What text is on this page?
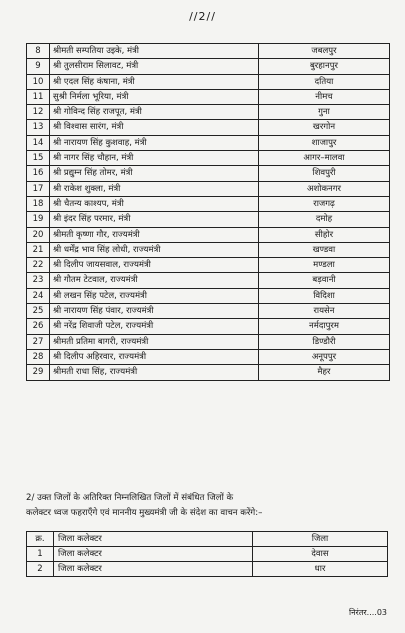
//2//
8	श्रीमती सम्पतिया उइके, मंत्री	जबलपुर
9	श्री तुलसीराम सिलावट, मंत्री	बुरहानपुर
10	श्री एदल सिंह कंषाना, मंत्री	दतिया
11	सुश्री निर्मला भूरिया, मंत्री	नीमच
12	श्री गोविन्द सिंह राजपूत, मंत्री	गुना
13	श्री विश्वास सारंग, मंत्री	खरगोन
14	श्री नारायण सिंह कुशवाह, मंत्री	शाजापुर
15	श्री नागर सिंह चौहान, मंत्री	आगर–मालवा
16	श्री प्रद्युम्न सिंह तोमर, मंत्री	शिवपुरी
17	श्री राकेश शुक्ला, मंत्री	अशोकनगर
18	श्री चैतन्य काश्यप, मंत्री	राजगढ़
19	श्री इंदर सिंह परमार, मंत्री	दमोह
20	श्रीमती कृष्णा गौर, राज्यमंत्री	सीहोर
21	श्री धर्मेंद्र भाव सिंह लोधी, राज्यमंत्री	खण्डवा
22	श्री दिलीप जायसवाल, राज्यमंत्री	मण्डला
23	श्री गौतम टेटवाल, राज्यमंत्री	बड़वानी
24	श्री लखन सिंह पटेल, राज्यमंत्री	विदिशा
25	श्री नारायण सिंह पंवार, राज्यमंत्री	रायसेन
26	श्री नरेंद्र शिवाजी पटेल, राज्यमंत्री	नर्मदापुरम
27	श्रीमती प्रतिमा बागरी, राज्यमंत्री	डिण्डौरी
28	श्री दिलीप अहिरवार, राज्यमंत्री	अनूपपुर
29	श्रीमती राधा सिंह, राज्यमंत्री	मैहर
2/ उक्त जिलों के अतिरिक्त निम्नलिखित जिलों में संबंधित जिलों के
कलेक्टर ध्वज फहराएँगे एवं माननीय मुख्यमंत्री जी के संदेश का वाचन करेंगे:–
क्र.	जिला कलेक्टर	जिला
1	जिला कलेक्टर	देवास
2	जिला कलेक्टर	धार
निरंतर....03
